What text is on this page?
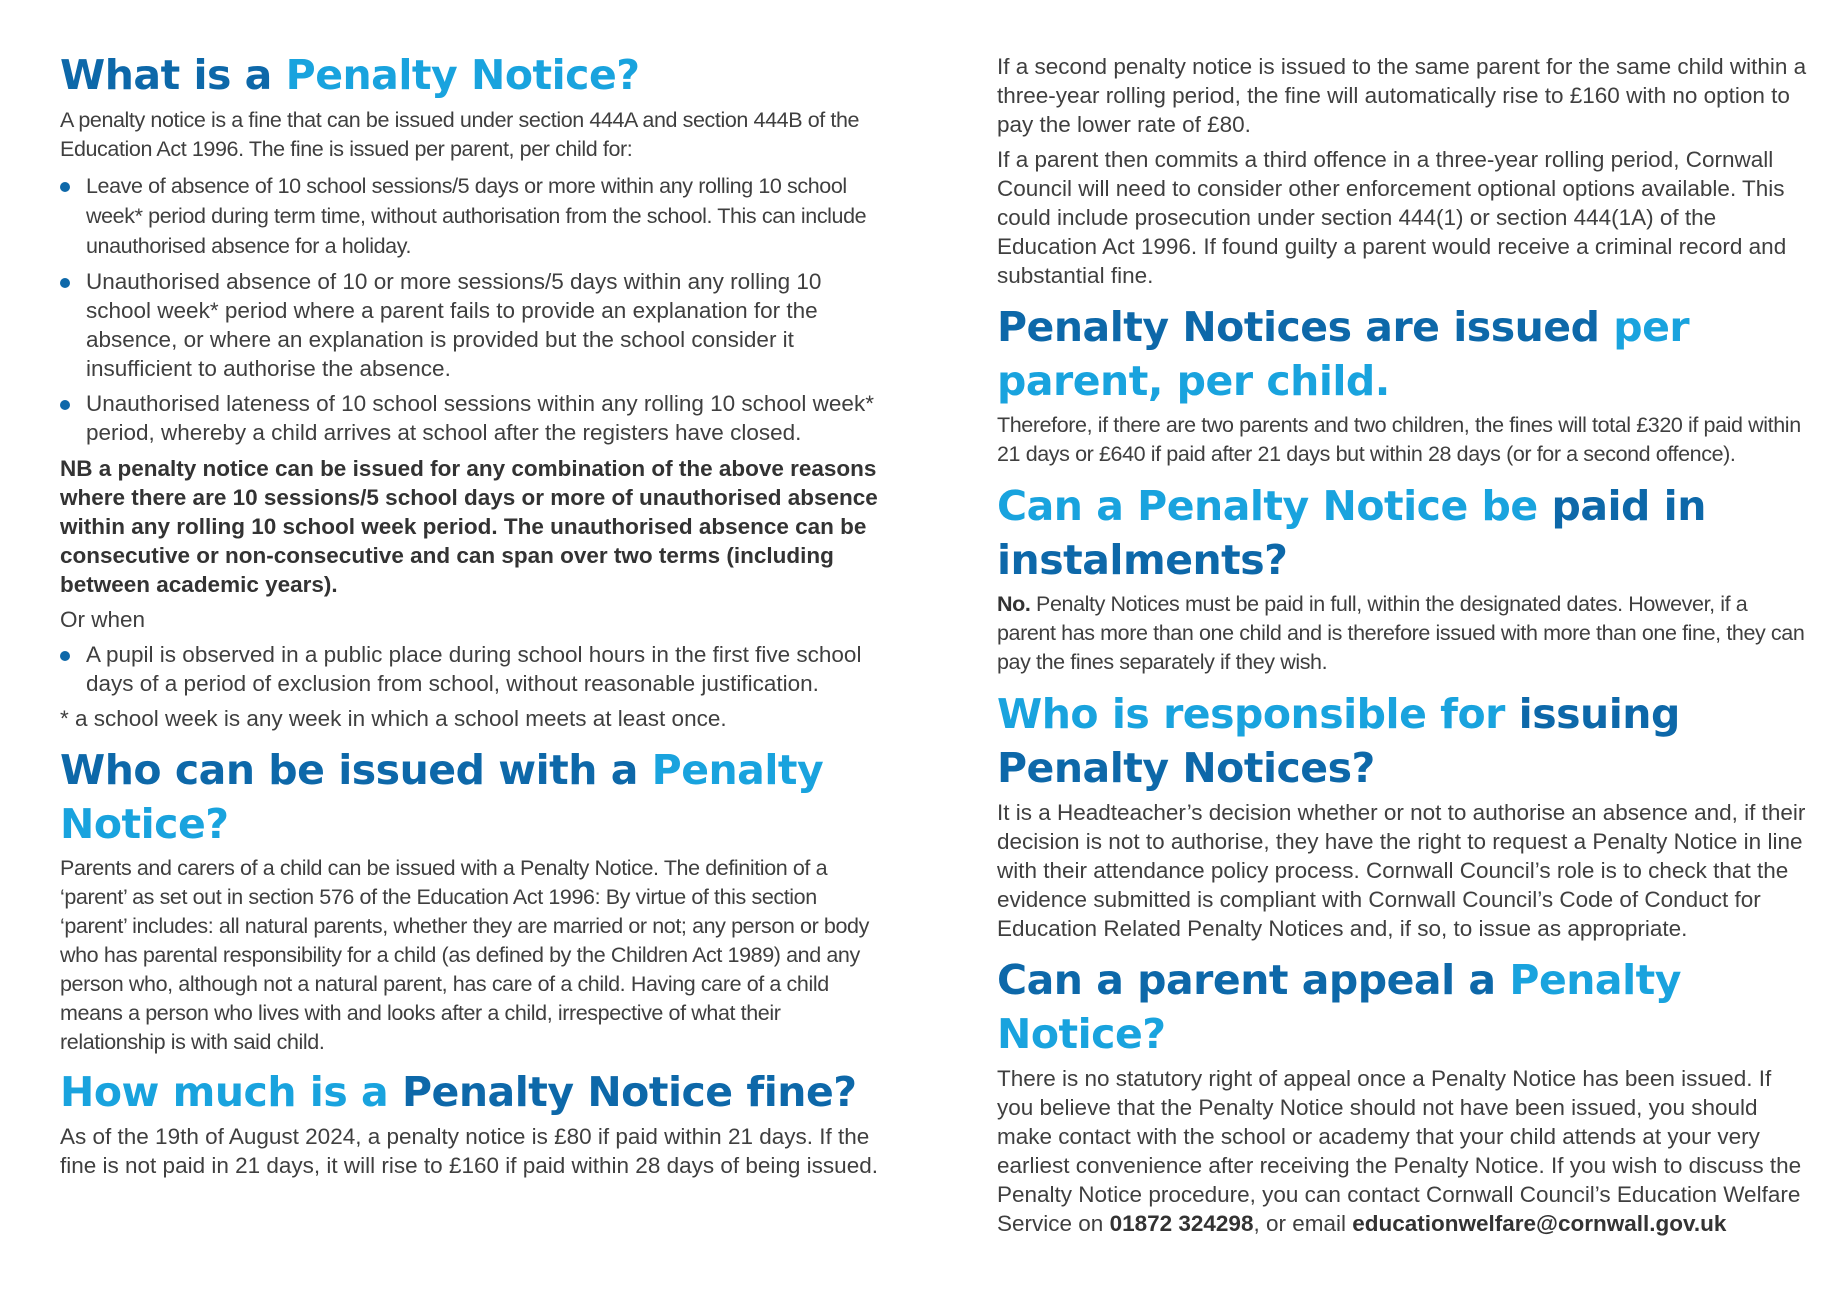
What is a Penalty Notice?

A penalty notice is a fine that can be issued under section 444A and section 444B of the Education Act 1996. The fine is issued per parent, per child for:

Leave of absence of 10 school sessions/5 days or more within any rolling 10 school week* period during term time, without authorisation from the school. This can include unauthorised absence for a holiday.
Unauthorised absence of 10 or more sessions/5 days within any rolling 10 school week* period where a parent fails to provide an explanation for the absence, or where an explanation is provided but the school consider it insufficient to authorise the absence.
Unauthorised lateness of 10 school sessions within any rolling 10 school week* period, whereby a child arrives at school after the registers have closed.

NB a penalty notice can be issued for any combination of the above reasons where there are 10 sessions/5 school days or more of unauthorised absence within any rolling 10 school week period. The unauthorised absence can be consecutive or non-consecutive and can span over two terms (including between academic years).

Or when

A pupil is observed in a public place during school hours in the first five school days of a period of exclusion from school, without reasonable justification.

* a school week is any week in which a school meets at least once.

Who can be issued with a Penalty Notice?

Parents and carers of a child can be issued with a Penalty Notice. The definition of a ‘parent’ as set out in section 576 of the Education Act 1996: By virtue of this section ‘parent’ includes: all natural parents, whether they are married or not; any person or body who has parental responsibility for a child (as defined by the Children Act 1989) and any person who, although not a natural parent, has care of a child. Having care of a child means a person who lives with and looks after a child, irrespective of what their relationship is with said child.

How much is a Penalty Notice fine?

As of the 19th of August 2024, a penalty notice is £80 if paid within 21 days. If the fine is not paid in 21 days, it will rise to £160 if paid within 28 days of being issued.

If a second penalty notice is issued to the same parent for the same child within a three-year rolling period, the fine will automatically rise to £160 with no option to pay the lower rate of £80.

If a parent then commits a third offence in a three-year rolling period, Cornwall Council will need to consider other enforcement optional options available. This could include prosecution under section 444(1) or section 444(1A) of the Education Act 1996. If found guilty a parent would receive a criminal record and substantial fine.

Penalty Notices are issued per parent, per child.

Therefore, if there are two parents and two children, the fines will total £320 if paid within 21 days or £640 if paid after 21 days but within 28 days (or for a second offence).

Can a Penalty Notice be paid in instalments?

No. Penalty Notices must be paid in full, within the designated dates. However, if a parent has more than one child and is therefore issued with more than one fine, they can pay the fines separately if they wish.

Who is responsible for issuing Penalty Notices?

It is a Headteacher’s decision whether or not to authorise an absence and, if their decision is not to authorise, they have the right to request a Penalty Notice in line with their attendance policy process. Cornwall Council’s role is to check that the evidence submitted is compliant with Cornwall Council’s Code of Conduct for Education Related Penalty Notices and, if so, to issue as appropriate.

Can a parent appeal a Penalty Notice?

There is no statutory right of appeal once a Penalty Notice has been issued. If you believe that the Penalty Notice should not have been issued, you should make contact with the school or academy that your child attends at your very earliest convenience after receiving the Penalty Notice. If you wish to discuss the Penalty Notice procedure, you can contact Cornwall Council’s Education Welfare Service on 01872 324298, or email educationwelfare@cornwall.gov.uk
